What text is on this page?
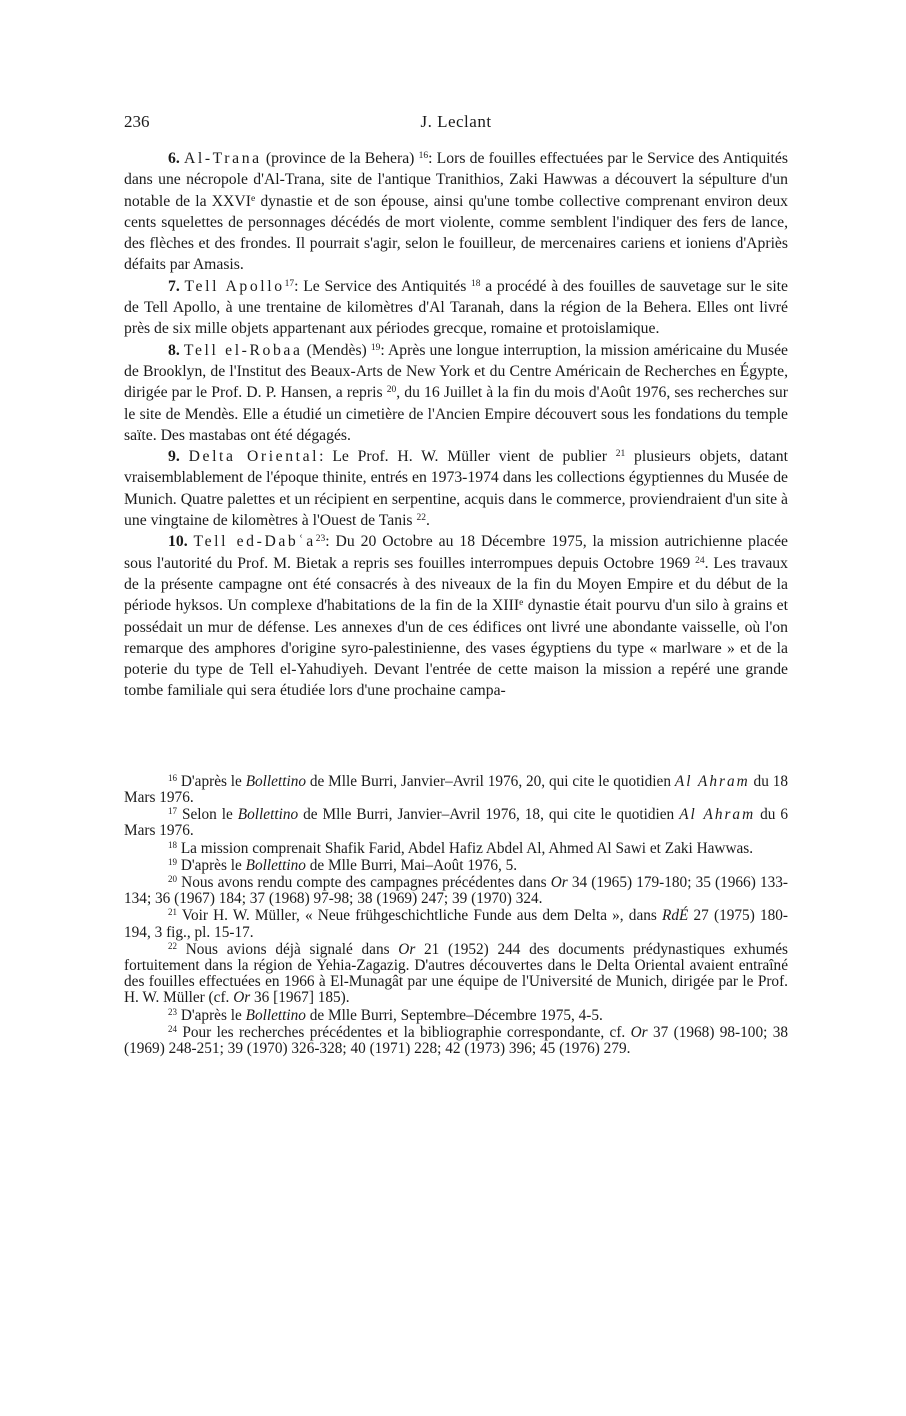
236	J. Leclant

6. Al-Trana (province de la Behera) $^{16}$: Lors de fouilles effectuées par le Service des Antiquités dans une nécropole d'Al-Trana, site de l'antique Tranithios, Zaki Hawwas a découvert la sépulture d'un notable de la XXVIe dynastie et de son épouse, ainsi qu'une tombe collective comprenant environ deux cents squelettes de personnages décédés de mort violente, comme semblent l'indiquer des fers de lance, des flèches et des frondes. Il pourrait s'agir, selon le fouilleur, de mercenaires cariens et ioniens d'Apriès défaits par Amasis.

7. Tell Apollo$^{17}$: Le Service des Antiquités $^{18}$ a procédé à des fouilles de sauvetage sur le site de Tell Apollo, à une trentaine de kilomètres d'Al Taranah, dans la région de la Behera. Elles ont livré près de six mille objets appartenant aux périodes grecque, romaine et protoislamique.

8. Tell el-Robaa (Mendès) $^{19}$: Après une longue interruption, la mission américaine du Musée de Brooklyn, de l'Institut des Beaux-Arts de New York et du Centre Américain de Recherches en Égypte, dirigée par le Prof. D. P. Hansen, a repris $^{20}$, du 16 Juillet à la fin du mois d'Août 1976, ses recherches sur le site de Mendès. Elle a étudié un cimetière de l'Ancien Empire découvert sous les fondations du temple saïte. Des mastabas ont été dégagés.

9. Delta Oriental: Le Prof. H. W. Müller vient de publier $^{21}$ plusieurs objets, datant vraisemblablement de l'époque thinite, entrés en 1973-1974 dans les collections égyptiennes du Musée de Munich. Quatre palettes et un récipient en serpentine, acquis dans le commerce, proviendraient d'un site à une vingtaine de kilomètres à l'Ouest de Tanis $^{22}$.

10. Tell ed-Dabʿa$^{23}$: Du 20 Octobre au 18 Décembre 1975, la mission autrichienne placée sous l'autorité du Prof. M. Bietak a repris ses fouilles interrompues depuis Octobre 1969 $^{24}$. Les travaux de la présente campagne ont été consacrés à des niveaux de la fin du Moyen Empire et du début de la période hyksos. Un complexe d'habitations de la fin de la XIIIe dynastie était pourvu d'un silo à grains et possédait un mur de défense. Les annexes d'un de ces édifices ont livré une abondante vaisselle, où l'on remarque des amphores d'origine syro-palestinienne, des vases égyptiens du type « marlware » et de la poterie du type de Tell el-Yahudiyeh. Devant l'entrée de cette maison la mission a repéré une grande tombe familiale qui sera étudiée lors d'une prochaine campa-

$^{16}$ D'après le Bollettino de Mlle Burri, Janvier–Avril 1976, 20, qui cite le quotidien Al Ahram du 18 Mars 1976.

$^{17}$ Selon le Bollettino de Mlle Burri, Janvier–Avril 1976, 18, qui cite le quotidien Al Ahram du 6 Mars 1976.

$^{18}$ La mission comprenait Shafik Farid, Abdel Hafiz Abdel Al, Ahmed Al Sawi et Zaki Hawwas.

$^{19}$ D'après le Bollettino de Mlle Burri, Mai–Août 1976, 5.

$^{20}$ Nous avons rendu compte des campagnes précédentes dans Or 34 (1965) 179-180; 35 (1966) 133-134; 36 (1967) 184; 37 (1968) 97-98; 38 (1969) 247; 39 (1970) 324.

$^{21}$ Voir H. W. Müller, « Neue frühgeschichtliche Funde aus dem Delta », dans RdÉ 27 (1975) 180-194, 3 fig., pl. 15-17.

$^{22}$ Nous avions déjà signalé dans Or 21 (1952) 244 des documents prédynastiques exhumés fortuitement dans la région de Yehia-Zagazig. D'autres découvertes dans le Delta Oriental avaient entraîné des fouilles effectuées en 1966 à El-Munagât par une équipe de l'Université de Munich, dirigée par le Prof. H. W. Müller (cf. Or 36 [1967] 185).

$^{23}$ D'après le Bollettino de Mlle Burri, Septembre–Décembre 1975, 4-5.

$^{24}$ Pour les recherches précédentes et la bibliographie correspondante, cf. Or 37 (1968) 98-100; 38 (1969) 248-251; 39 (1970) 326-328; 40 (1971) 228; 42 (1973) 396; 45 (1976) 279.
